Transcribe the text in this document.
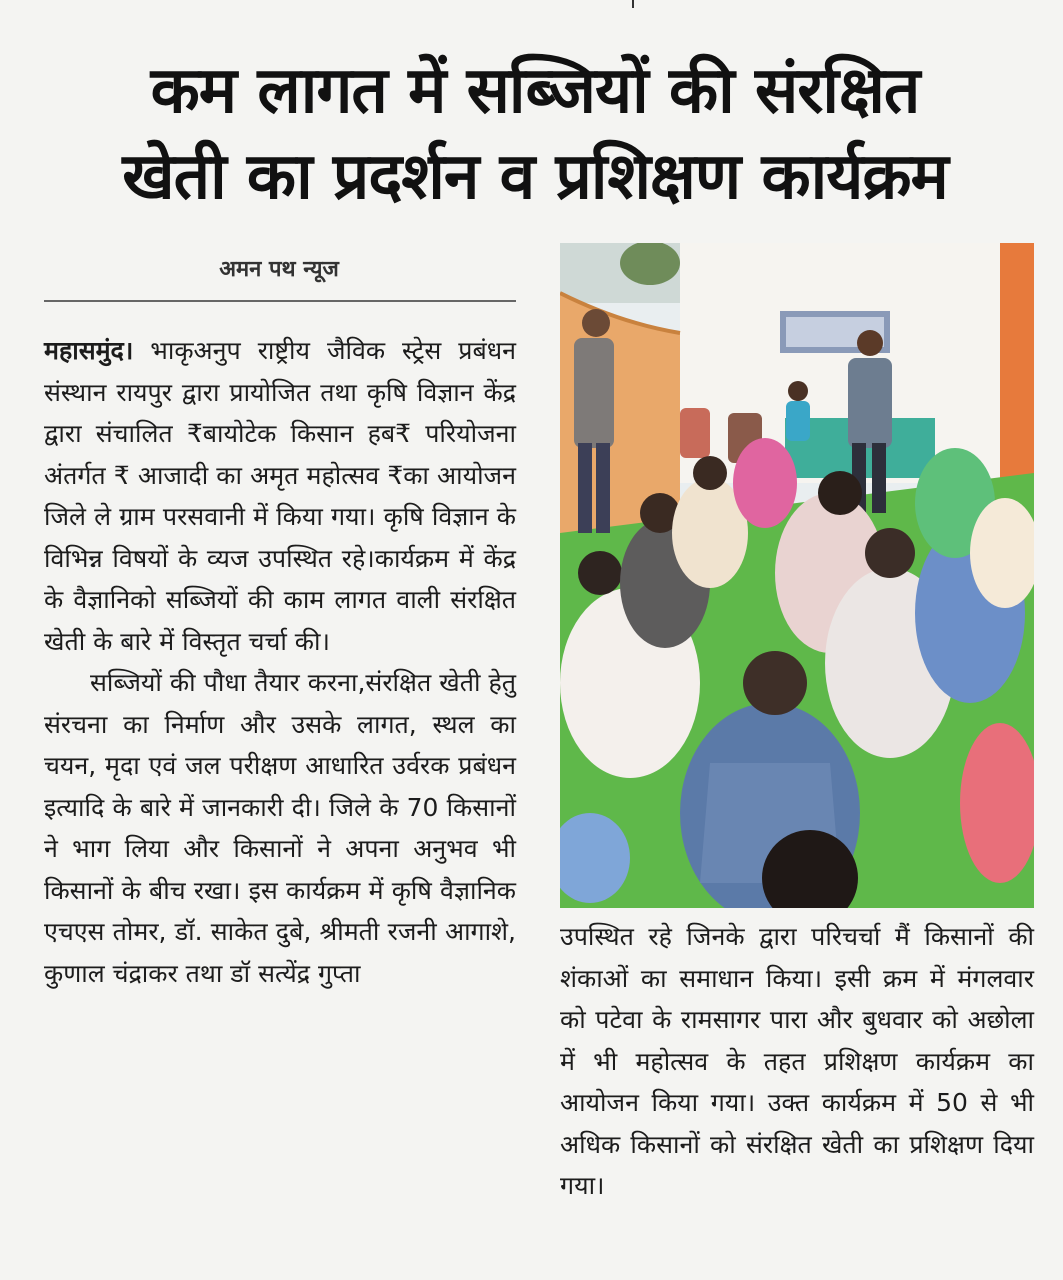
कम लागत में सब्जियों की संरक्षित
खेती का प्रदर्शन व प्रशिक्षण कार्यक्रम
अमन पथ न्यूज

महासमुंद। भाकृअनुप राष्ट्रीय जैविक स्ट्रेस प्रबंधन संस्थान रायपुर द्वारा प्रायोजित तथा कृषि विज्ञान केंद्र द्वारा संचालित ₹बायोटेक किसान हब₹ परियोजना अंतर्गत ₹ आजादी का अमृत महोत्सव ₹का आयोजन जिले ले ग्राम परसवानी में किया गया। कृषि विज्ञान के विभिन्न विषयों के व्यज उपस्थित रहे।कार्यक्रम में केंद्र के वैज्ञानिको सब्जियों की काम लागत वाली संरक्षित खेती के बारे में विस्तृत चर्चा की।

सब्जियों की पौधा तैयार करना,संरक्षित खेती हेतु संरचना का निर्माण और उसके लागत, स्थल का चयन, मृदा एवं जल परीक्षण आधारित उर्वरक प्रबंधन इत्यादि के बारे में जानकारी दी। जिले के 70 किसानों ने भाग लिया और किसानों ने अपना अनुभव भी किसानों के बीच रखा। इस कार्यक्रम में कृषि वैज्ञानिक एचएस तोमर, डॉ. साकेत दुबे, श्रीमती रजनी आगाशे, कुणाल चंद्राकर तथा डॉ सत्येंद्र गुप्ता

उपस्थित रहे जिनके द्वारा परिचर्चा मैं किसानों की शंकाओं का समाधान किया। इसी क्रम में मंगलवार को पटेवा के रामसागर पारा और बुधवार को अछोला में भी महोत्सव के तहत प्रशिक्षण कार्यक्रम का आयोजन किया गया। उक्त कार्यक्रम में 50 से भी अधिक किसानों को संरक्षित खेती का प्रशिक्षण दिया गया।
